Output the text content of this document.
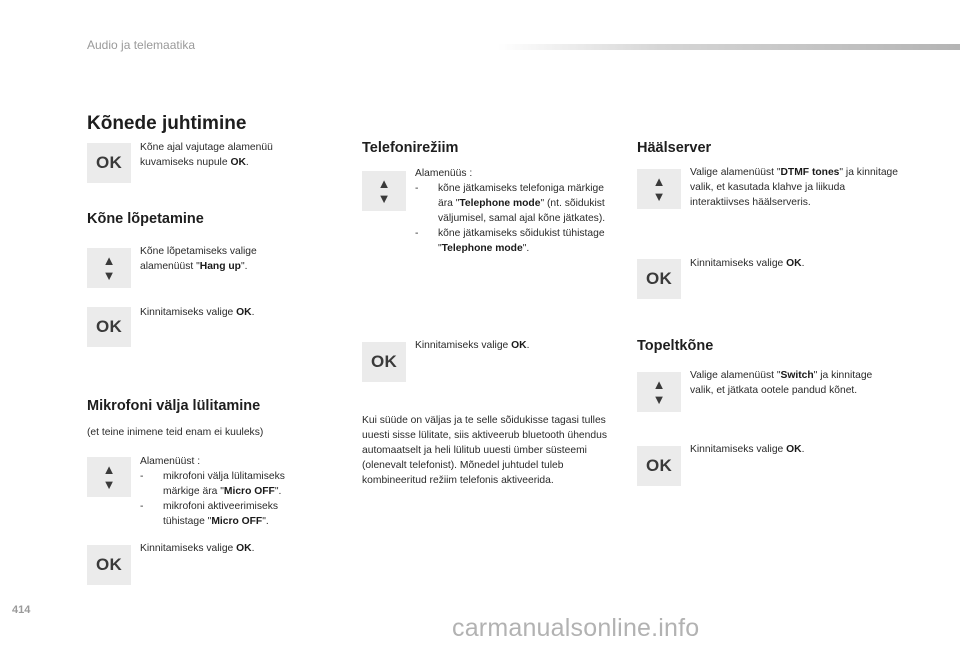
Audio ja telemaatika
Kõnede juhtimine
OK
Kõne ajal vajutage alamenüü kuvamiseks nupule OK.
Kõne lõpetamine
▲
▼
Kõne lõpetamiseks valige alamenüüst "Hang up".
OK
Kinnitamiseks valige OK.
Mikrofoni välja lülitamine
(et teine inimene teid enam ei kuuleks)
▲
▼
Alamenüüst :
- mikrofoni välja lülitamiseks märkige ära "Micro OFF".
- mikrofoni aktiveerimiseks tühistage "Micro OFF".
OK
Kinnitamiseks valige OK.
Telefonirežiim
▲
▼
Alamenüüs :
- kõne jätkamiseks telefoniga märkige ära "Telephone mode" (nt. sõidukist väljumisel, samal ajal kõne jätkates).
- kõne jätkamiseks sõidukist tühistage "Telephone mode".
OK
Kinnitamiseks valige OK.
Kui süüde on väljas ja te selle sõidukisse tagasi tulles uuesti sisse lülitate, siis aktiveerub bluetooth ühendus automaatselt ja heli lülitub uuesti ümber süsteemi (olenevalt telefonist). Mõnedel juhtudel tuleb kombineeritud režiim telefonis aktiveerida.
Häälserver
▲
▼
Valige alamenüüst "DTMF tones" ja kinnitage valik, et kasutada klahve ja liikuda interaktiivses häälserveris.
OK
Kinnitamiseks valige OK.
Topeltkõne
▲
▼
Valige alamenüüst "Switch" ja kinnitage valik, et jätkata ootele pandud kõnet.
OK
Kinnitamiseks valige OK.
414
carmanualsonline.info
